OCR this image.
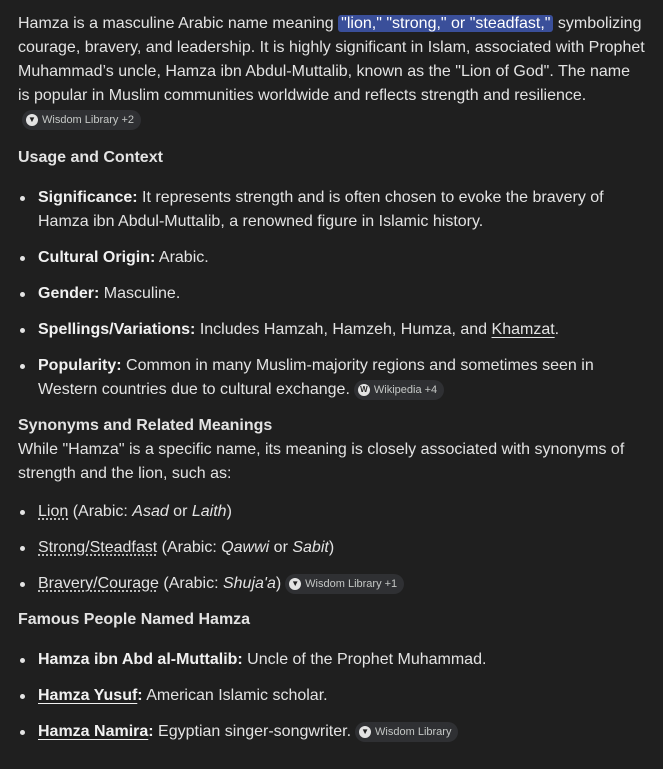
Hamza is a masculine Arabic name meaning "lion," "strong," or "steadfast," symbolizing courage, bravery, and leadership. It is highly significant in Islam, associated with Prophet Muhammad’s uncle, Hamza ibn Abdul-Muttalib, known as the "Lion of God". The name is popular in Muslim communities worldwide and reflects strength and resilience.
▼ Wisdom Library +2

Usage and Context
Significance: It represents strength and is often chosen to evoke the bravery of Hamza ibn Abdul-Muttalib, a renowned figure in Islamic history.
Cultural Origin: Arabic.
Gender: Masculine.
Spellings/Variations: Includes Hamzah, Hamzeh, Humza, and Khamzat.
Popularity: Common in many Muslim-majority regions and sometimes seen in Western countries due to cultural exchange. W Wikipedia +4
Synonyms and Related Meanings

While "Hamza" is a specific name, its meaning is closely associated with synonyms of strength and the lion, such as:

Lion (Arabic: Asad or Laith)
Strong/Steadfast (Arabic: Qawwi or Sabit)
Bravery/Courage (Arabic: Shuja'a) ▼ Wisdom Library +1
Famous People Named Hamza
Hamza ibn Abd al-Muttalib: Uncle of the Prophet Muhammad.
Hamza Yusuf: American Islamic scholar.
Hamza Namira: Egyptian singer-songwriter. ▼ Wisdom Library
